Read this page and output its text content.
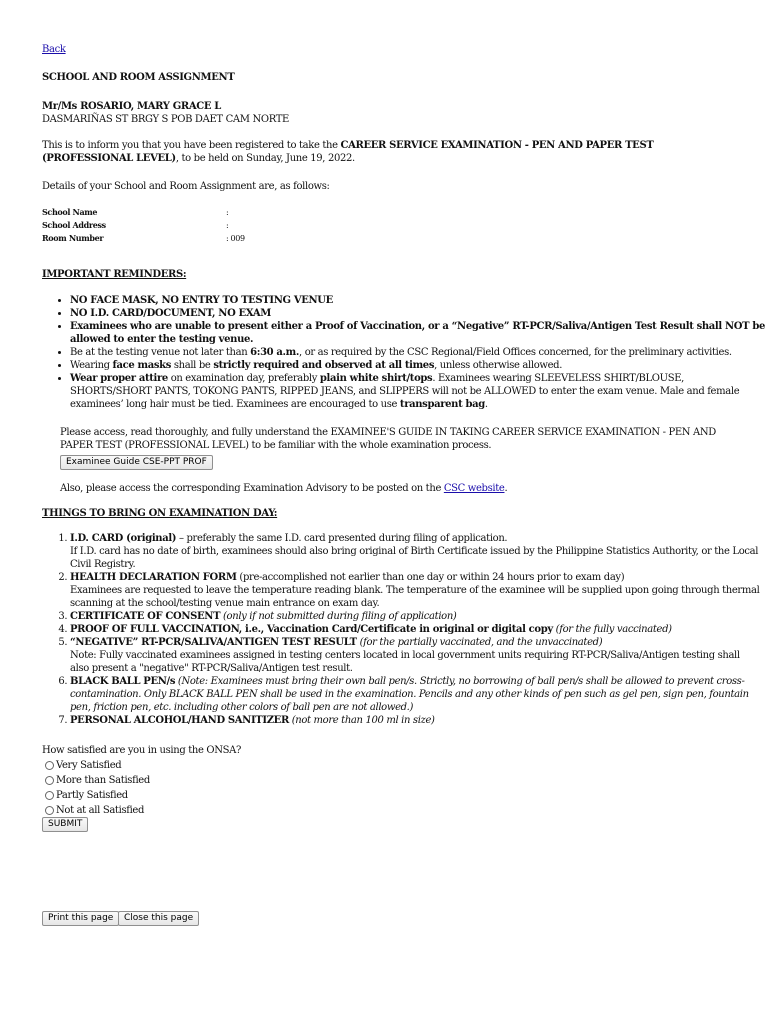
Back
SCHOOL AND ROOM ASSIGNMENT
Mr/Ms ROSARIO, MARY GRACE L
DASMARIÑAS ST BRGY S POB DAET CAM NORTE
This is to inform you that you have been registered to take the CAREER SERVICE EXAMINATION - PEN AND PAPER TEST (PROFESSIONAL LEVEL), to be held on Sunday, June 19, 2022.
Details of your School and Room Assignment are, as follows:
School Name	:
School Address	:
Room Number	: 009
IMPORTANT REMINDERS:
• NO FACE MASK, NO ENTRY TO TESTING VENUE
• NO I.D. CARD/DOCUMENT, NO EXAM
• Examinees who are unable to present either a Proof of Vaccination, or a “Negative” RT-PCR/Saliva/Antigen Test Result shall NOT be allowed to enter the testing venue.
• Be at the testing venue not later than 6:30 a.m., or as required by the CSC Regional/Field Offices concerned, for the preliminary activities.
• Wearing face masks shall be strictly required and observed at all times, unless otherwise allowed.
• Wear proper attire on examination day, preferably plain white shirt/tops. Examinees wearing SLEEVELESS SHIRT/BLOUSE, SHORTS/SHORT PANTS, TOKONG PANTS, RIPPED JEANS, and SLIPPERS will not be ALLOWED to enter the exam venue. Male and female examinees’ long hair must be tied. Examinees are encouraged to use transparent bag.
Please access, read thoroughly, and fully understand the EXAMINEE'S GUIDE IN TAKING CAREER SERVICE EXAMINATION - PEN AND PAPER TEST (PROFESSIONAL LEVEL) to be familiar with the whole examination process.
Examinee Guide CSE-PPT PROF
Also, please access the corresponding Examination Advisory to be posted on the CSC website.
THINGS TO BRING ON EXAMINATION DAY:
1. I.D. CARD (original) – preferably the same I.D. card presented during filing of application.
If I.D. card has no date of birth, examinees should also bring original of Birth Certificate issued by the Philippine Statistics Authority, or the Local Civil Registry.
2. HEALTH DECLARATION FORM (pre-accomplished not earlier than one day or within 24 hours prior to exam day)
Examinees are requested to leave the temperature reading blank. The temperature of the examinee will be supplied upon going through thermal scanning at the school/testing venue main entrance on exam day.
3. CERTIFICATE OF CONSENT (only if not submitted during filing of application)
4. PROOF OF FULL VACCINATION, i.e., Vaccination Card/Certificate in original or digital copy (for the fully vaccinated)
5. “NEGATIVE” RT-PCR/SALIVA/ANTIGEN TEST RESULT (for the partially vaccinated, and the unvaccinated)
Note: Fully vaccinated examinees assigned in testing centers located in local government units requiring RT-PCR/Saliva/Antigen testing shall also present a "negative" RT-PCR/Saliva/Antigen test result.
6. BLACK BALL PEN/s (Note: Examinees must bring their own ball pen/s. Strictly, no borrowing of ball pen/s shall be allowed to prevent cross-contamination. Only BLACK BALL PEN shall be used in the examination. Pencils and any other kinds of pen such as gel pen, sign pen, fountain pen, friction pen, etc. including other colors of ball pen are not allowed.)
7. PERSONAL ALCOHOL/HAND SANITIZER (not more than 100 ml in size)
How satisfied are you in using the ONSA?
Very Satisfied
More than Satisfied
Partly Satisfied
Not at all Satisfied
SUBMIT
Print this page	Close this page
